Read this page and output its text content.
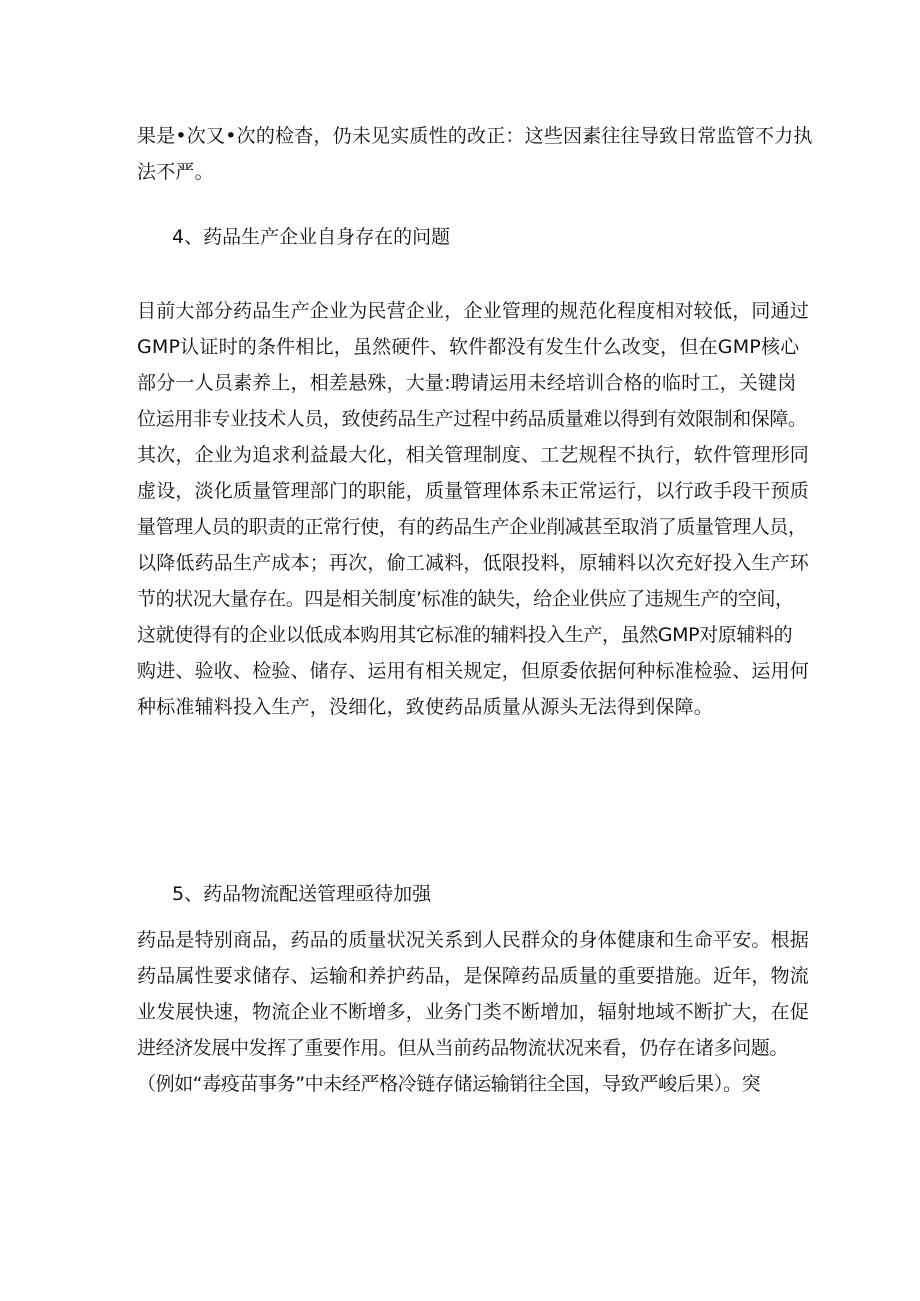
果是•次又•次的检杳，仍未见实质性的改正：这些因素往往导致日常监管不力执
法不严。
4、药品生产企业自身存在的问题
目前大部分药品生产企业为民营企业，企业管理的规范化程度相对较低，同通过
GMP认证时的条件相比，虽然硬件、软件都没有发生什么改变，但在GMP核心
部分一人员素养上，相差悬殊，大量:聘请运用未经培训合格的临时工，关键岗
位运用非专业技术人员，致使药品生产过程中药品质量难以得到有效限制和保障。
其次，企业为追求利益最大化，相关管理制度、工艺规程不执行，软件管理形同
虚设，淡化质量管理部门的职能，质量管理体系未正常运行，以行政手段干预质
量管理人员的职责的正常行使，有的药品生产企业削减甚至取消了质量管理人员，
以降低药品生产成本；再次，偷工减料，低限投料，原辅料以次充好投入生产环
节的状况大量存在。四是相关制度’标准的缺失，给企业供应了违规生产的空间，
这就使得有的企业以低成本购用其它标准的辅料投入生产，虽然GMP对原辅料的
购进、验收、检验、储存、运用有相关规定，但原委依据何种标准检验、运用何
种标准辅料投入生产，没细化，致使药品质量从源头无法得到保障。
5、药品物流配送管理亟待加强
药品是特别商品，药品的质量状况关系到人民群众的身体健康和生命平安。根据
药品属性要求储存、运输和养护药品，是保障药品质量的重要措施。近年，物流
业发展快速，物流企业不断增多，业务门类不断增加，辐射地域不断扩大，在促
进经济发展中发挥了重要作用。但从当前药品物流状况来看，仍存在诸多问题。
（例如“毒疫苗事务”中未经严格冷链存储运输销往全国，导致严峻后果）。突
